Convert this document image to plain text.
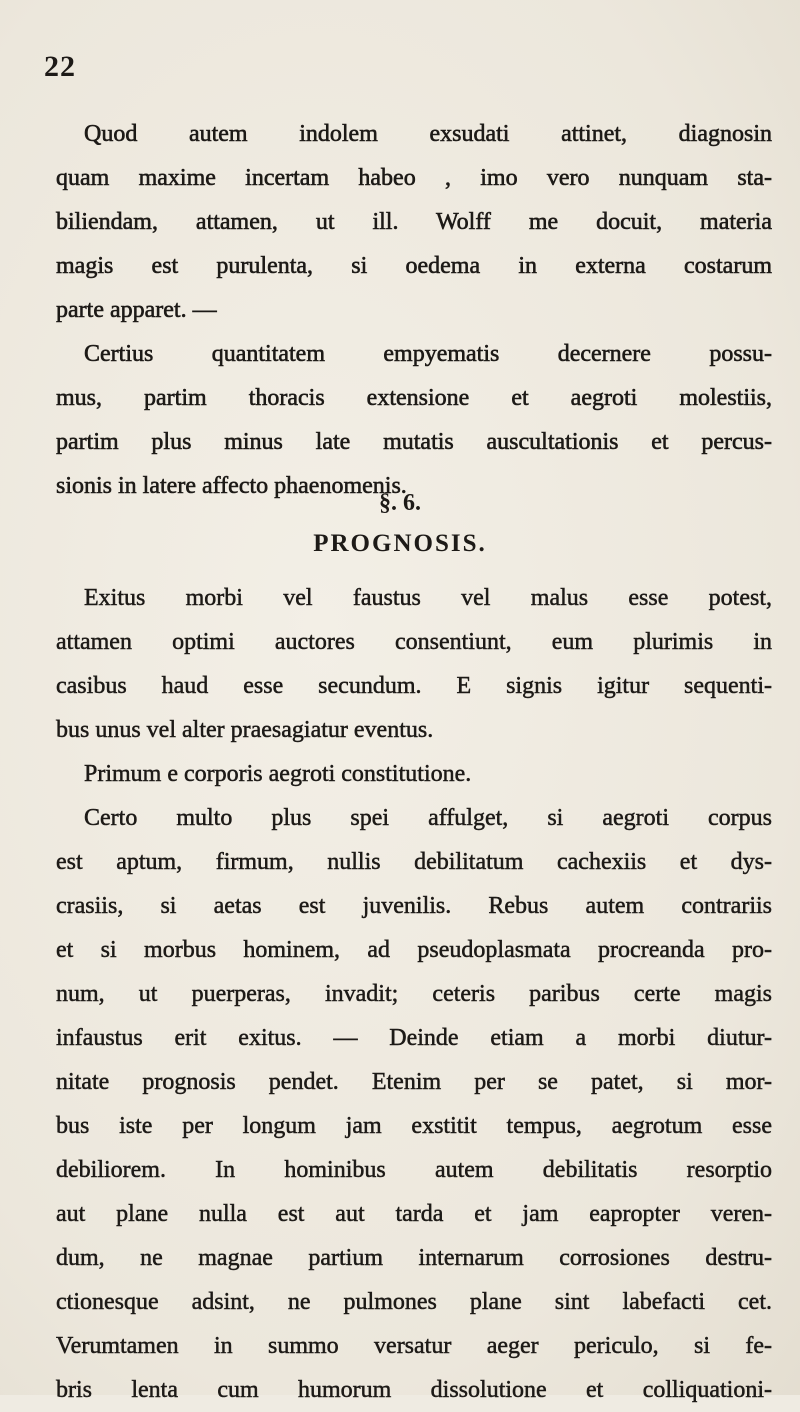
22
Quod autem indolem exsudati attinet, diagnosin
quam maxime incertam habeo , imo vero nunquam sta-
biliendam, attamen, ut ill. Wolff me docuit, materia
magis est purulenta, si oedema in externa costarum
parte apparet. —
Certius quantitatem empyematis decernere possu-
mus, partim thoracis extensione et aegroti molestiis,
partim plus minus late mutatis auscultationis et percus-
sionis in latere affecto phaenomenis.
§. 6.
PROGNOSIS.
Exitus morbi vel faustus vel malus esse potest,
attamen optimi auctores consentiunt, eum plurimis in
casibus haud esse secundum. E signis igitur sequenti-
bus unus vel alter praesagiatur eventus.
Primum e corporis aegroti constitutione.
Certo multo plus spei affulget, si aegroti corpus
est aptum, firmum, nullis debilitatum cachexiis et dys-
crasiis, si aetas est juvenilis. Rebus autem contrariis
et si morbus hominem, ad pseudoplasmata procreanda pro-
num, ut puerperas, invadit; ceteris paribus certe magis
infaustus erit exitus. — Deinde etiam a morbi diutur-
nitate prognosis pendet. Etenim per se patet, si mor-
bus iste per longum jam exstitit tempus, aegrotum esse
debiliorem. In hominibus autem debilitatis resorptio
aut plane nulla est aut tarda et jam eapropter veren-
dum, ne magnae partium internarum corrosiones destru-
ctionesque adsint, ne pulmones plane sint labefacti cet.
Verumtamen in summo versatur aeger periculo, si fe-
bris lenta cum humorum dissolutione et colliquationi-
